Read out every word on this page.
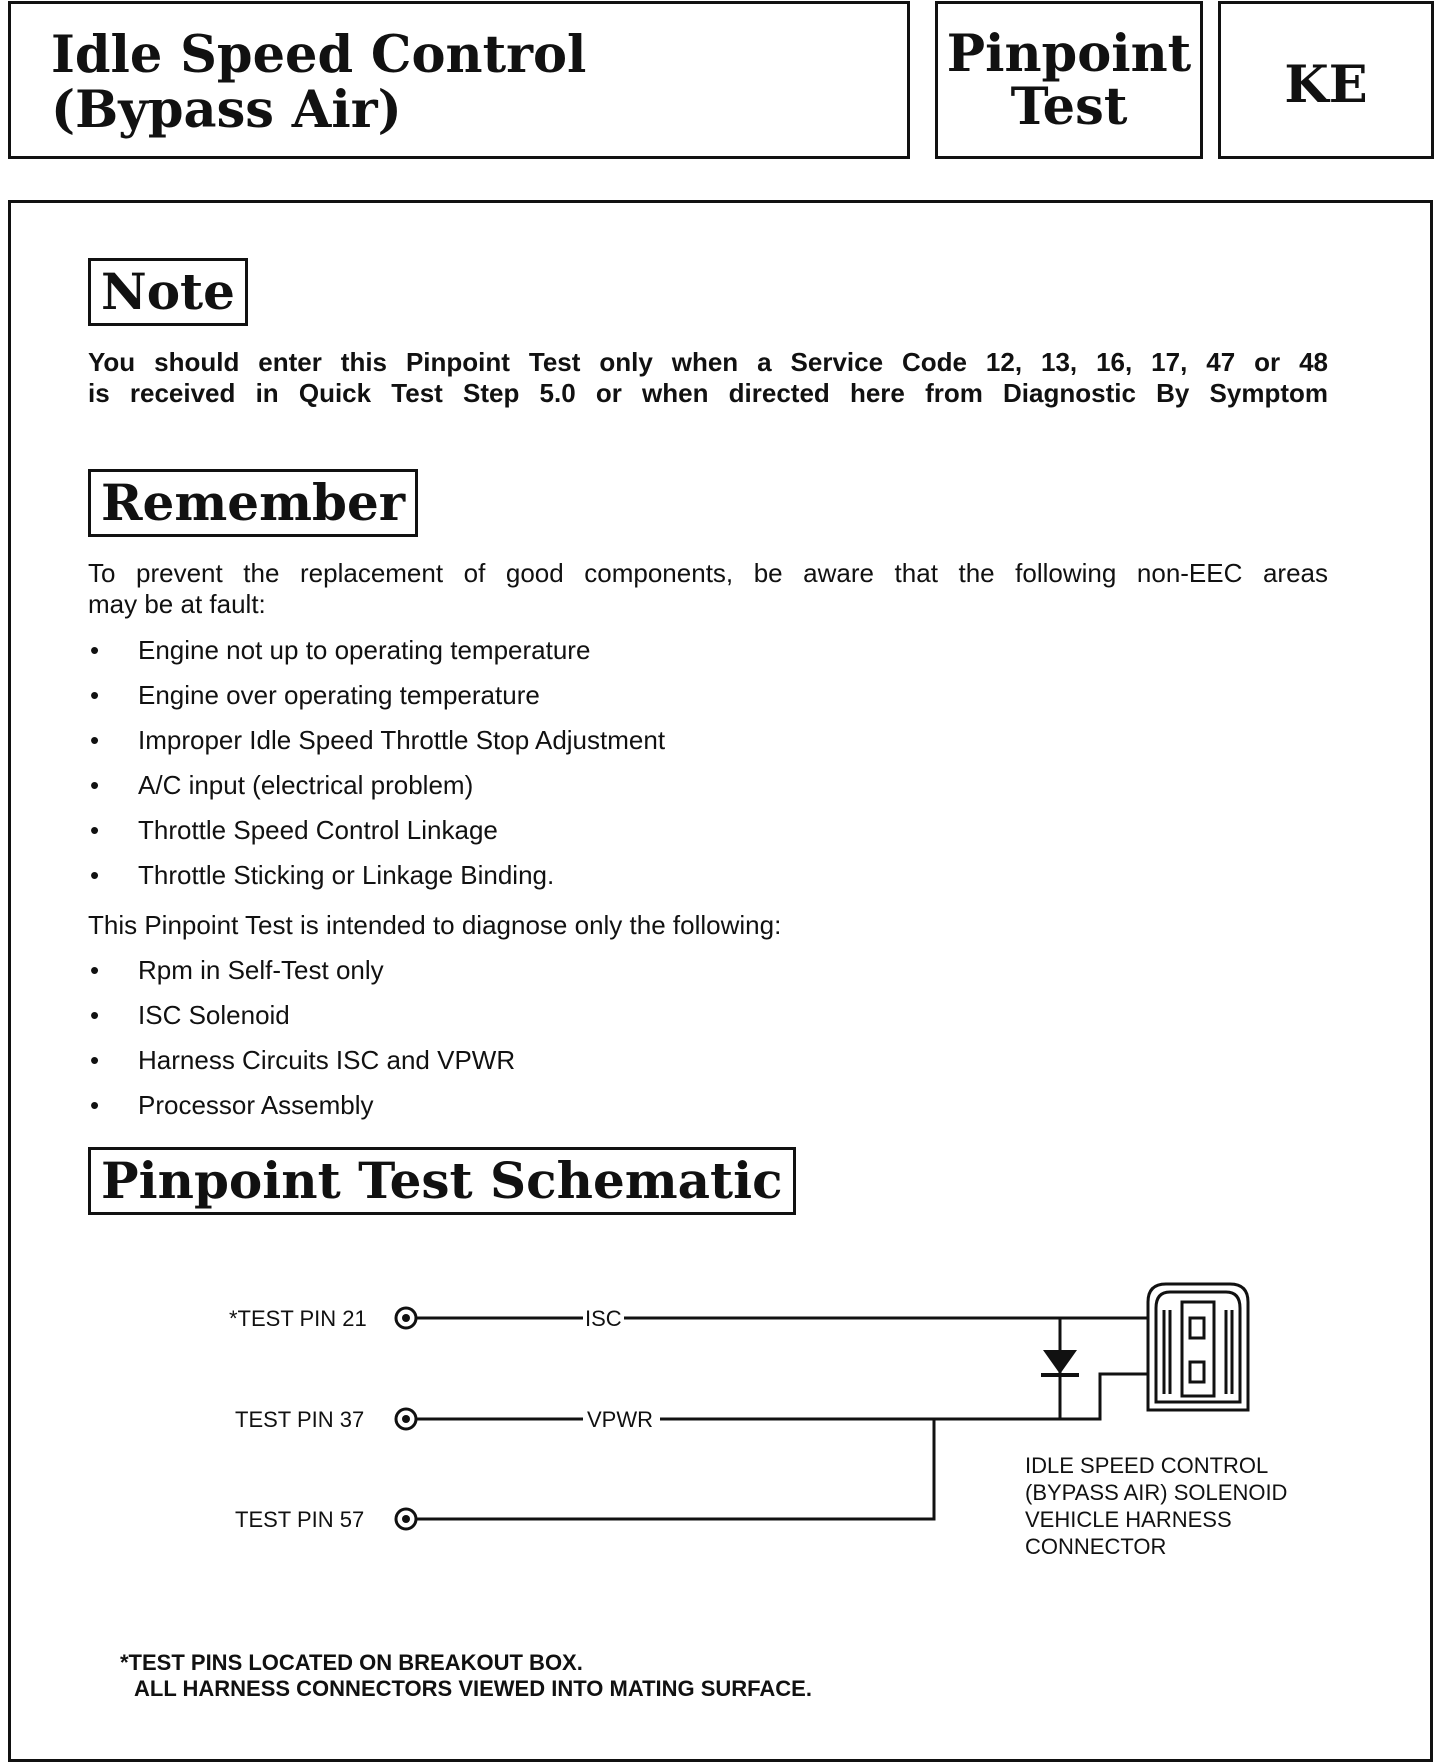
Idle Speed Control
(Bypass Air)
Pinpoint
Test	KE
Note
You should enter this Pinpoint Test only when a Service Code 12, 13, 16, 17, 47 or 48
is received in Quick Test Step 5.0 or when directed here from Diagnostic By Symptom
Remember
To prevent the replacement of good components, be aware that the following non-EEC areas
may be at fault:
• Engine not up to operating temperature
• Engine over operating temperature
• Improper Idle Speed Throttle Stop Adjustment
• A/C input (electrical problem)
• Throttle Speed Control Linkage
• Throttle Sticking or Linkage Binding.
This Pinpoint Test is intended to diagnose only the following:
• Rpm in Self-Test only
• ISC Solenoid
• Harness Circuits ISC and VPWR
• Processor Assembly
Pinpoint Test Schematic
*TEST PIN 21
TEST PIN 37
TEST PIN 57
ISC
VPWR
IDLE SPEED CONTROL
(BYPASS AIR) SOLENOID
VEHICLE HARNESS
CONNECTOR
*TEST PINS LOCATED ON BREAKOUT BOX.
ALL HARNESS CONNECTORS VIEWED INTO MATING SURFACE.
